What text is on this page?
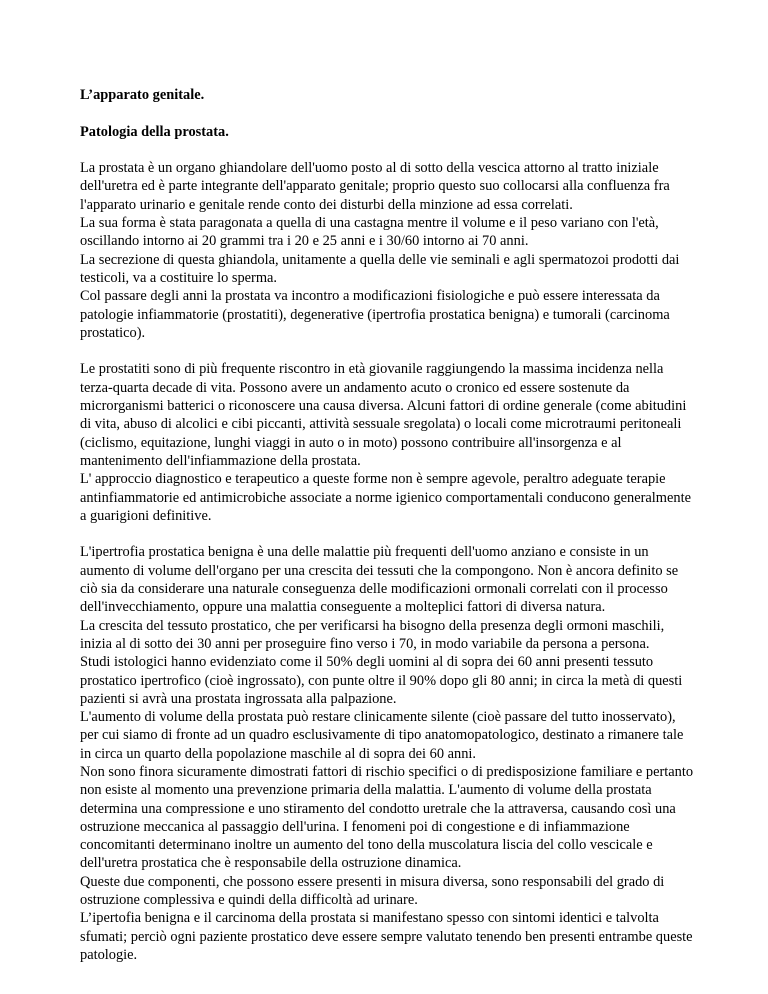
L’apparato genitale.

Patologia della prostata.

La prostata è un organo ghiandolare dell'uomo posto al di sotto della vescica attorno al tratto iniziale dell'uretra ed è parte integrante dell'apparato genitale; proprio questo suo collocarsi alla confluenza fra l'apparato urinario e genitale rende conto dei disturbi della minzione ad essa correlati.
La sua forma è stata paragonata a quella di una castagna mentre il volume e il peso variano con l'età, oscillando intorno ai 20 grammi tra i 20 e 25 anni e i 30/60 intorno ai 70 anni.
La secrezione di questa ghiandola, unitamente a quella delle vie seminali e agli spermatozoi prodotti dai testicoli, va a costituire lo sperma.
Col passare degli anni la prostata va incontro a modificazioni fisiologiche e può essere interessata da patologie infiammatorie (prostatiti), degenerative (ipertrofia prostatica benigna) e tumorali (carcinoma prostatico).

Le prostatiti sono di più frequente riscontro in età giovanile raggiungendo la massima incidenza nella terza-quarta decade di vita. Possono avere un andamento acuto o cronico ed essere sostenute da microrganismi batterici o riconoscere una causa diversa. Alcuni fattori di ordine generale (come abitudini di vita, abuso di alcolici e cibi piccanti, attività sessuale sregolata) o locali come microtraumi peritoneali (ciclismo, equitazione, lunghi viaggi in auto o in moto) possono contribuire all'insorgenza e al mantenimento dell'infiammazione della prostata.
L' approccio diagnostico e terapeutico a queste forme non è sempre agevole, peraltro adeguate terapie antinfiammatorie ed antimicrobiche associate a norme igienico comportamentali conducono generalmente a guarigioni definitive.

L'ipertrofia prostatica benigna è una delle malattie più frequenti dell'uomo anziano e consiste in un aumento di volume dell'organo per una crescita dei tessuti che la compongono. Non è ancora definito se ciò sia da considerare una naturale conseguenza delle modificazioni ormonali correlati con il processo dell'invecchiamento, oppure una malattia conseguente a molteplici fattori di diversa natura.
La crescita del tessuto prostatico, che per verificarsi ha bisogno della presenza degli ormoni maschili, inizia al di sotto dei 30 anni per proseguire fino verso i 70, in modo variabile da persona a persona.
Studi istologici hanno evidenziato come il 50% degli uomini al di sopra dei 60 anni presenti tessuto prostatico ipertrofico (cioè ingrossato), con punte oltre il 90% dopo gli 80 anni; in circa la metà di questi pazienti si avrà una prostata ingrossata alla palpazione.
L'aumento di volume della prostata può restare clinicamente silente (cioè passare del tutto inosservato), per cui siamo di fronte ad un quadro esclusivamente di tipo anatomopatologico, destinato a rimanere tale in circa un quarto della popolazione maschile al di sopra dei 60 anni.
Non sono finora sicuramente dimostrati fattori di rischio specifici o di predisposizione familiare e pertanto non esiste al momento una prevenzione primaria della malattia. L'aumento di volume della prostata determina una compressione e uno stiramento del condotto uretrale che la attraversa, causando così una ostruzione meccanica al passaggio dell'urina. I fenomeni poi di congestione e di infiammazione concomitanti determinano inoltre un aumento del tono della muscolatura liscia del collo vescicale e dell'uretra prostatica che è responsabile della ostruzione dinamica.
Queste due componenti, che possono essere presenti in misura diversa, sono responsabili del grado di ostruzione complessiva e quindi della difficoltà ad urinare.
L’ipertofia benigna e il carcinoma della prostata si manifestano spesso con sintomi identici e talvolta sfumati; perciò ogni paziente prostatico deve essere sempre valutato tenendo ben presenti entrambe queste patologie.
